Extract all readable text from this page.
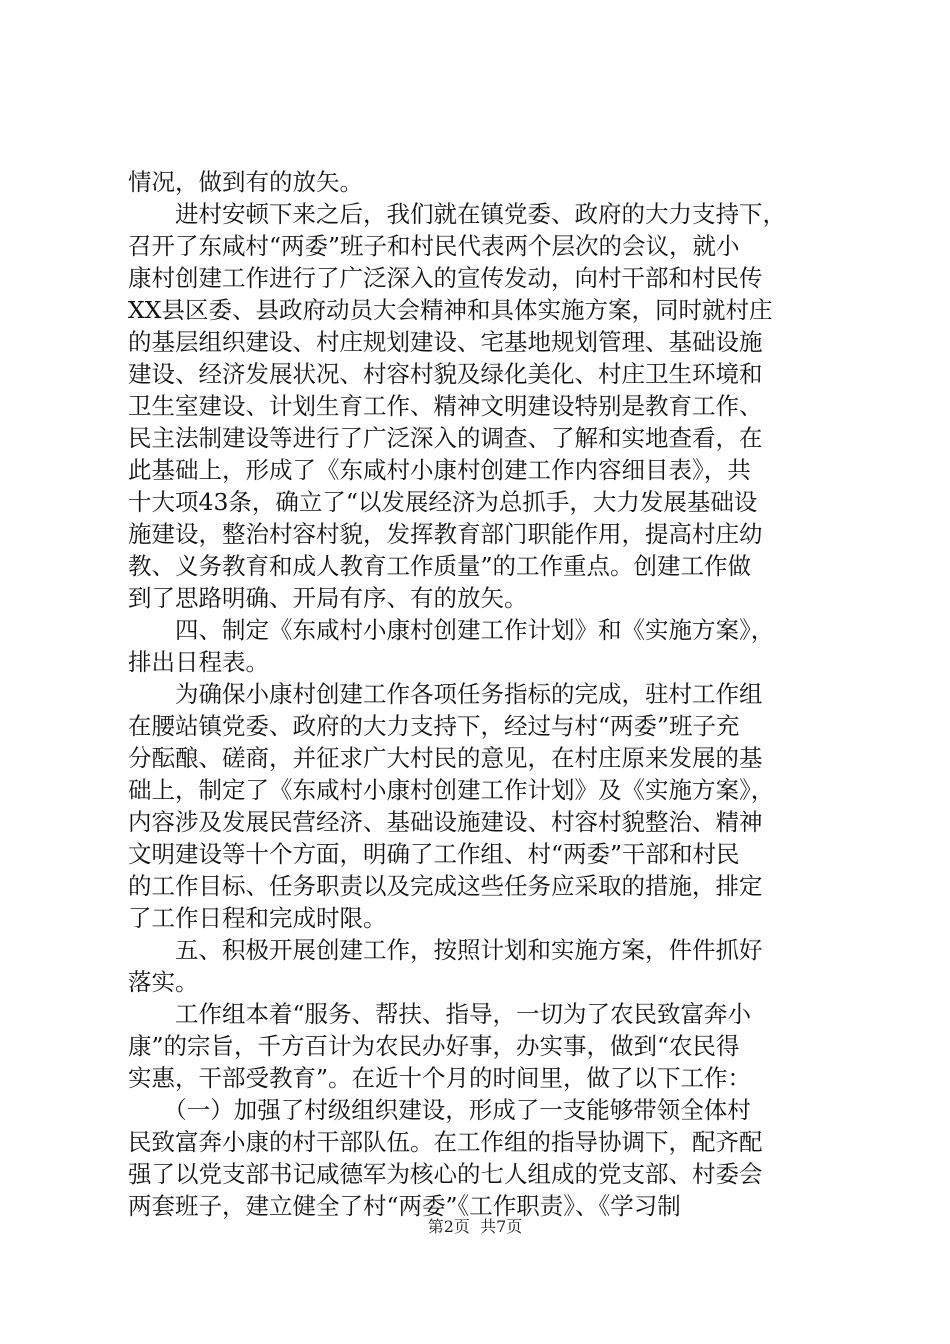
情况，做到有的放矢。
　　进村安顿下来之后，我们就在镇党委、政府的大力支持下，
召开了东咸村“两委”班子和村民代表两个层次的会议，就小
康村创建工作进行了广泛深入的宣传发动，向村干部和村民传
XX县区委、县政府动员大会精神和具体实施方案，同时就村庄
的基层组织建设、村庄规划建设、宅基地规划管理、基础设施
建设、经济发展状况、村容村貌及绿化美化、村庄卫生环境和
卫生室建设、计划生育工作、精神文明建设特别是教育工作、
民主法制建设等进行了广泛深入的调查、了解和实地查看，在
此基础上，形成了《东咸村小康村创建工作内容细目表》，共
十大项43条，确立了“以发展经济为总抓手，大力发展基础设
施建设，整治村容村貌，发挥教育部门职能作用，提高村庄幼
教、义务教育和成人教育工作质量”的工作重点。创建工作做
到了思路明确、开局有序、有的放矢。
　　四、制定《东咸村小康村创建工作计划》和《实施方案》，
排出日程表。
　　为确保小康村创建工作各项任务指标的完成，驻村工作组
在腰站镇党委、政府的大力支持下，经过与村“两委”班子充
分酝酿、磋商，并征求广大村民的意见，在村庄原来发展的基
础上，制定了《东咸村小康村创建工作计划》及《实施方案》，
内容涉及发展民营经济、基础设施建设、村容村貌整治、精神
文明建设等十个方面，明确了工作组、村“两委”干部和村民
的工作目标、任务职责以及完成这些任务应采取的措施，排定
了工作日程和完成时限。
　　五、积极开展创建工作，按照计划和实施方案，件件抓好
落实。
　　工作组本着“服务、帮扶、指导，一切为了农民致富奔小
康”的宗旨，千方百计为农民办好事，办实事，做到“农民得
实惠，干部受教育”。在近十个月的时间里，做了以下工作：
　　（一）加强了村级组织建设，形成了一支能够带领全体村
民致富奔小康的村干部队伍。在工作组的指导协调下，配齐配
强了以党支部书记咸德军为核心的七人组成的党支部、村委会
两套班子，建立健全了村“两委”《工作职责》、《学习制
第2页  共7页
